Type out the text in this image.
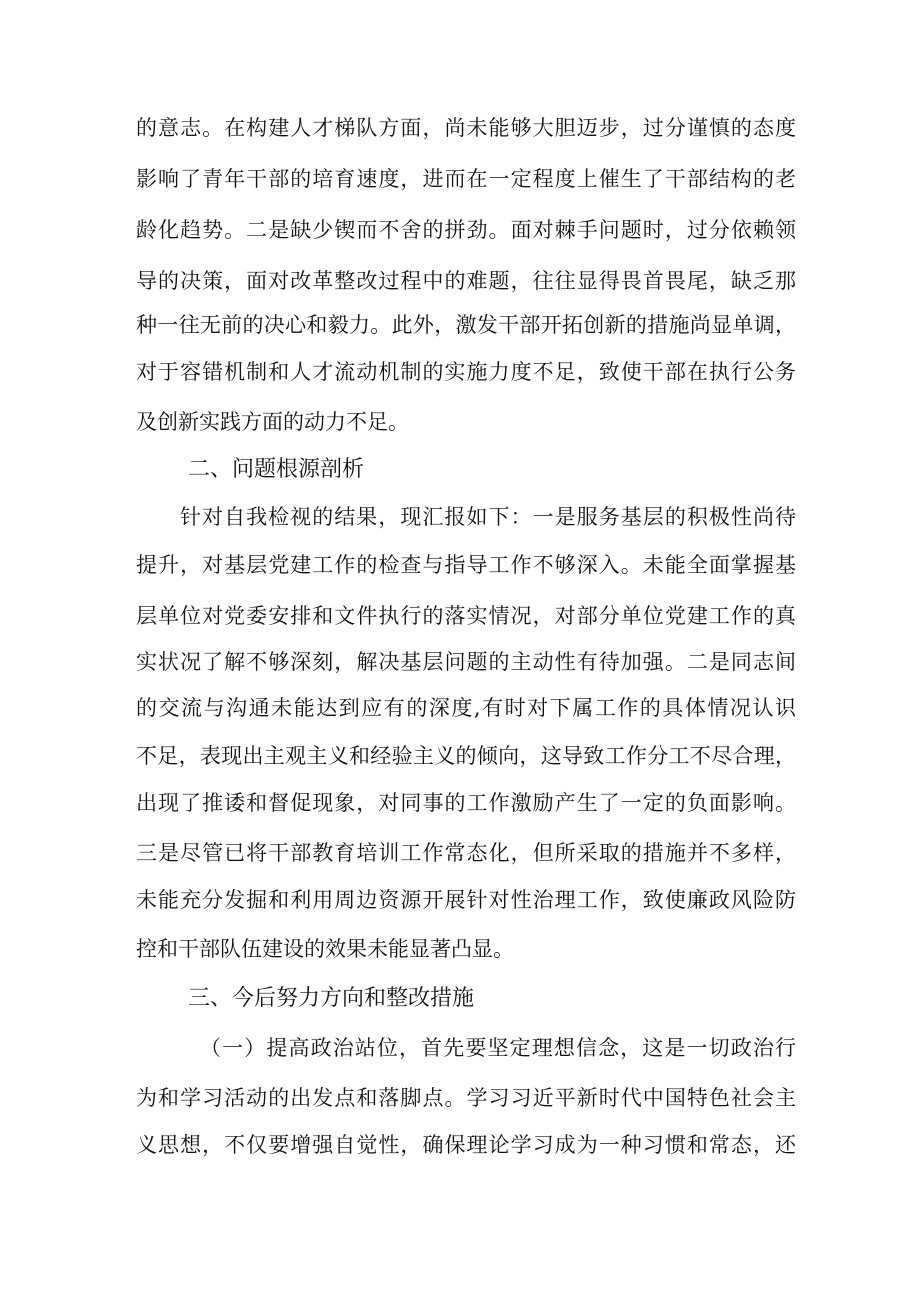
的意志。在构建人才梯队方面，尚未能够大胆迈步，过分谨慎的态度
影响了青年干部的培育速度，进而在一定程度上催生了干部结构的老
龄化趋势。二是缺少锲而不舍的拼劲。面对棘手问题时，过分依赖领
导的决策，面对改革整改过程中的难题，往往显得畏首畏尾，缺乏那
种一往无前的决心和毅力。此外，激发干部开拓创新的措施尚显单调，
对于容错机制和人才流动机制的实施力度不足，致使干部在执行公务
及创新实践方面的动力不足。
二、问题根源剖析
针对自我检视的结果，现汇报如下：一是服务基层的积极性尚待
提升，对基层党建工作的检查与指导工作不够深入。未能全面掌握基
层单位对党委安排和文件执行的落实情况，对部分单位党建工作的真
实状况了解不够深刻，解决基层问题的主动性有待加强。二是同志间
的交流与沟通未能达到应有的深度,有时对下属工作的具体情况认识
不足，表现出主观主义和经验主义的倾向，这导致工作分工不尽合理，
出现了推诿和督促现象，对同事的工作激励产生了一定的负面影响。
三是尽管已将干部教育培训工作常态化，但所采取的措施并不多样，
未能充分发掘和利用周边资源开展针对性治理工作，致使廉政风险防
控和干部队伍建设的效果未能显著凸显。
三、今后努力方向和整改措施
（一）提高政治站位，首先要坚定理想信念，这是一切政治行
为和学习活动的出发点和落脚点。学习习近平新时代中国特色社会主
义思想，不仅要增强自觉性，确保理论学习成为一种习惯和常态，还
